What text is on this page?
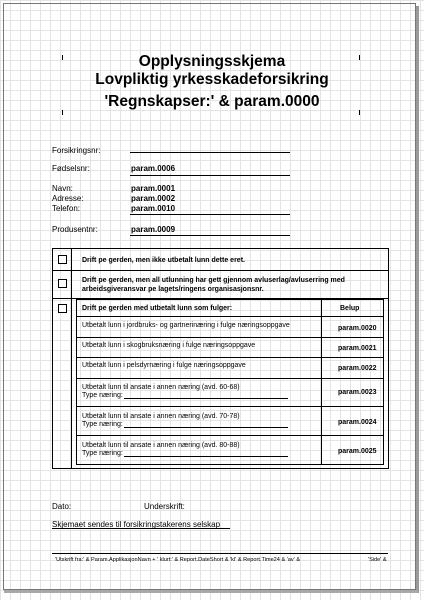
Opplysningsskjema
Lovpliktig yrkesskadeforsikring
'Regnskapser:' & param.0000
Forsikringsnr:
Fødselsnr:	param.0006
Navn:	param.0001
Adresse:	param.0002
Telefon:	param.0010
Produsentnr:	param.0009
Drift pe gerden, men ikke utbetalt lunn dette eret.
Drift pe gerden, men all utlunning har gett gjennom avluserlag/avluserring med arbeidsgiveransvar pe lagets/ringens organisasjonsnr.
Drift pe gerden med utbetalt lunn som fulger:	Belup
Utbetalt lunn i jordbruks- og gartnerinæring i fulge næringsoppgave	param.0020
Utbetalt lunn i skogbruksnæring i fulge næringsoppgave	param.0021
Utbetalt lunn i pelsdyrnæring i fulge næringsoppgave	param.0022
Utbetalt lunn til ansate i annen næring (avd. 60-68)
Type næring:	param.0023
Utbetalt lunn til ansate i annen næring (avd. 70-78)
Type næring:	param.0024
Utbetalt lunn til ansate i annen næring (avd. 80-88)
Type næring:	param.0025
Dato:	Underskrift:
Skjemaet sendes til forsikringstakerens selskap
'Utskrift fra:' & Param.ApplikasjonNavn + ' klurt:' & Report.DateShort & 'kl' & Report.Time24 & 'av' &	'Side' &
